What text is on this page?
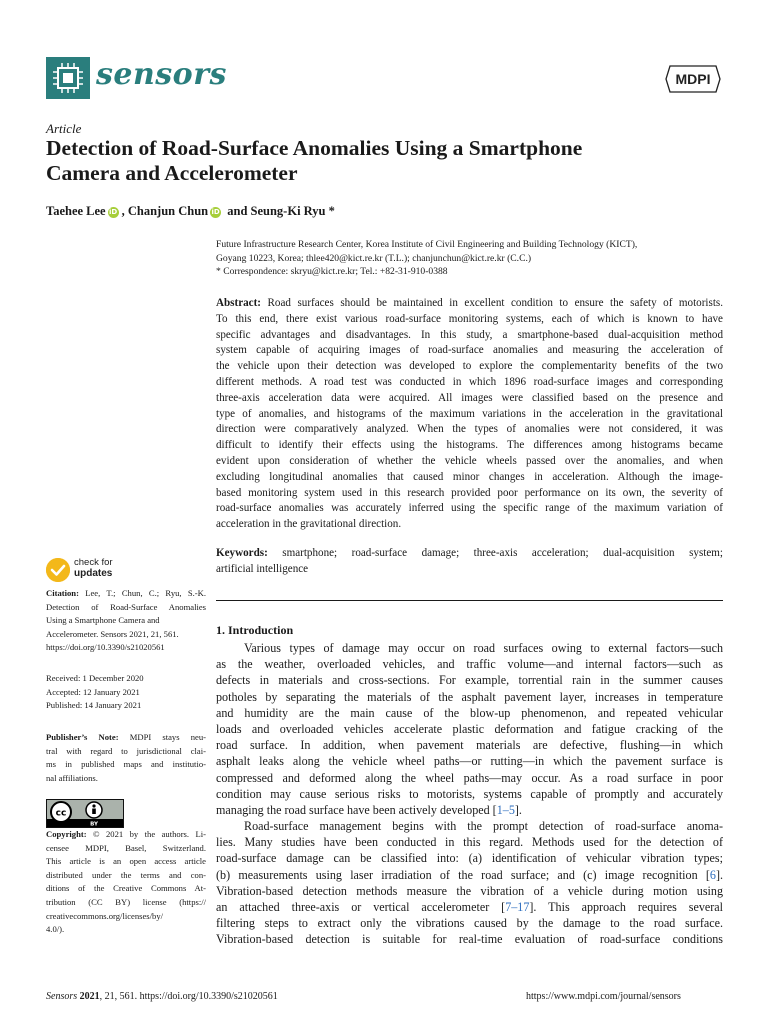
sensors	MDPI
Article
Detection of Road-Surface Anomalies Using a Smartphone
Camera and Accelerometer
Taehee Lee iD , Chanjun Chun iD and Seung-Ki Ryu *
Future Infrastructure Research Center, Korea Institute of Civil Engineering and Building Technology (KICT),
Goyang 10223, Korea; thlee420@kict.re.kr (T.L.); chanjunchun@kict.re.kr (C.C.)
* Correspondence: skryu@kict.re.kr; Tel.: +82-31-910-0388
Abstract: Road surfaces should be maintained in excellent condition to ensure the safety of motorists.
To this end, there exist various road-surface monitoring systems, each of which is known to have
specific advantages and disadvantages. In this study, a smartphone-based dual-acquisition method
system capable of acquiring images of road-surface anomalies and measuring the acceleration of
the vehicle upon their detection was developed to explore the complementarity benefits of the two
different methods. A road test was conducted in which 1896 road-surface images and corresponding
three-axis acceleration data were acquired. All images were classified based on the presence and
type of anomalies, and histograms of the maximum variations in the acceleration in the gravitational
direction were comparatively analyzed. When the types of anomalies were not considered, it was
difficult to identify their effects using the histograms. The differences among histograms became
evident upon consideration of whether the vehicle wheels passed over the anomalies, and when
excluding longitudinal anomalies that caused minor changes in acceleration. Although the image-
based monitoring system used in this research provided poor performance on its own, the severity of
road-surface anomalies was accurately inferred using the specific range of the maximum variation of
acceleration in the gravitational direction.
Keywords: smartphone; road-surface damage; three-axis acceleration; dual-acquisition system;
artificial intelligence
check for
updates
Citation: Lee, T.; Chun, C.; Ryu, S.-K.
Detection of Road-Surface Anomalies
Using a Smartphone Camera and
Accelerometer. Sensors 2021, 21, 561.
https://doi.org/10.3390/s21020561
Received: 1 December 2020
Accepted: 12 January 2021
Published: 14 January 2021
Publisher’s Note: MDPI stays neu-
tral with regard to jurisdictional clai-
ms in published maps and institutio-
nal affiliations.
cc
BY
Copyright: © 2021 by the authors. Li-
censee MDPI, Basel, Switzerland.
This article is an open access article
distributed under the terms and con-
ditions of the Creative Commons At-
tribution (CC BY) license (https://
creativecommons.org/licenses/by/
4.0/).
1. Introduction
Various types of damage may occur on road surfaces owing to external factors—such
as the weather, overloaded vehicles, and traffic volume—and internal factors—such as
defects in materials and cross-sections. For example, torrential rain in the summer causes
potholes by separating the materials of the asphalt pavement layer, increases in temperature
and humidity are the main cause of the blow-up phenomenon, and repeated vehicular
loads and overloaded vehicles accelerate plastic deformation and fatigue cracking of the
road surface. In addition, when pavement materials are defective, flushing—in which
asphalt leaks along the vehicle wheel paths—or rutting—in which the pavement surface is
compressed and deformed along the wheel paths—may occur. As a road surface in poor
condition may cause serious risks to motorists, systems capable of promptly and accurately
managing the road surface have been actively developed [1–5].
Road-surface management begins with the prompt detection of road-surface anoma-
lies. Many studies have been conducted in this regard. Methods used for the detection of
road-surface damage can be classified into: (a) identification of vehicular vibration types;
(b) measurements using laser irradiation of the road surface; and (c) image recognition [6].
Vibration-based detection methods measure the vibration of a vehicle during motion using
an attached three-axis or vertical accelerometer [7–17]. This approach requires several
filtering steps to extract only the vibrations caused by the damage to the road surface.
Vibration-based detection is suitable for real-time evaluation of road-surface conditions
Sensors 2021, 21, 561. https://doi.org/10.3390/s21020561	https://www.mdpi.com/journal/sensors
